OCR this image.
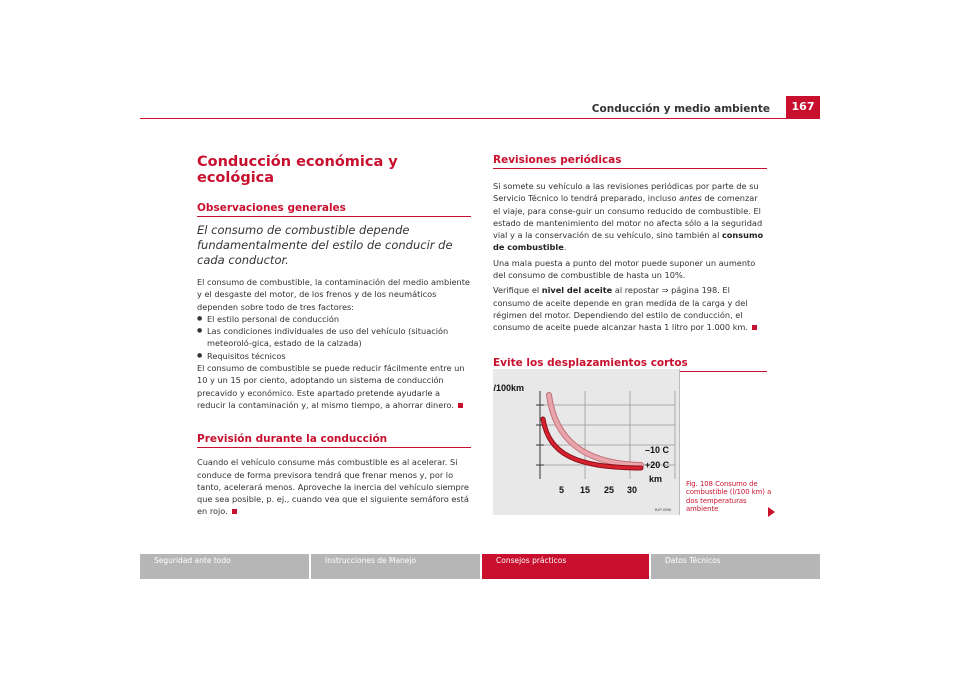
Conducción y medio ambiente	167
Conducción económica y ecológica
Observaciones generales
El consumo de combustible depende fundamentalmente del estilo de conducir de cada conductor.
El consumo de combustible, la contaminación del medio ambiente y el desgaste del motor, de los frenos y de los neumáticos dependen sobre todo de tres factores:
● El estilo personal de conducción
● Las condiciones individuales de uso del vehículo (situación meteoroló-gica, estado de la calzada)
● Requisitos técnicos
El consumo de combustible se puede reducir fácilmente entre un 10 y un 15 por ciento, adoptando un sistema de conducción precavido y económico. Este apartado pretende ayudarle a reducir la contaminación y, al mismo tiempo, a ahorrar dinero.
Previsión durante la conducción
Cuando el vehículo consume más combustible es al acelerar. Si conduce de forma previsora tendrá que frenar menos y, por lo tanto, acelerará menos. Aproveche la inercia del vehículo siempre que sea posible, p. ej., cuando vea que el siguiente semáforo está en rojo.
Revisiones periódicas
Si somete su vehículo a las revisiones periódicas por parte de su Servicio Técnico lo tendrá preparado, incluso antes de comenzar el viaje, para conse-guir un consumo reducido de combustible. El estado de mantenimiento del motor no afecta sólo a la seguridad vial y a la conservación de su vehículo, sino también al consumo de combustible.
Una mala puesta a punto del motor puede suponer un aumento del consumo de combustible de hasta un 10%.
Verifique el nivel del aceite al repostar ⇒ página 198. El consumo de aceite depende en gran medida de la carga y del régimen del motor. Dependiendo del estilo de conducción, el consumo de aceite puede alcanzar hasta 1 litro por 1.000 km.
Evite los desplazamientos cortos
l/100km
–10 C
+20 C
km
5 15 25 30
B1P-0096
Fig. 108 Consumo de combustible (l/100 km) a dos temperaturas ambiente
Seguridad ante todo	Instrucciones de Manejo	Consejos prácticos	Datos Técnicos
